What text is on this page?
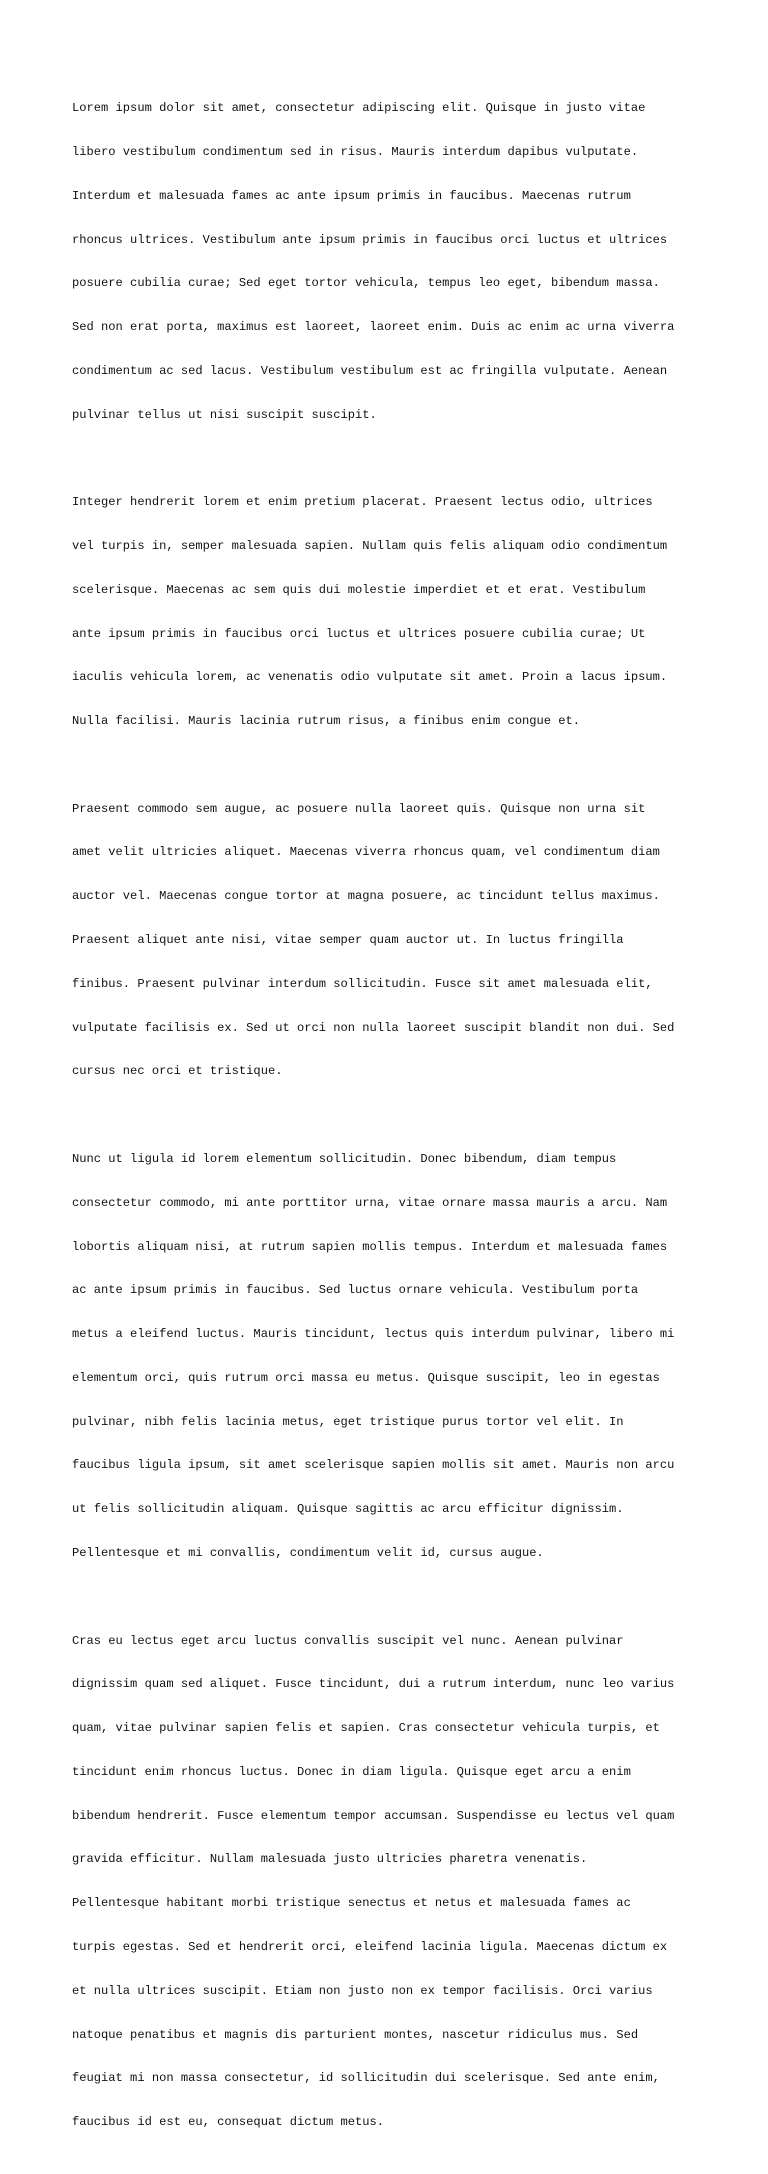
Lorem ipsum dolor sit amet, consectetur adipiscing elit. Quisque in justo vitae

libero vestibulum condimentum sed in risus. Mauris interdum dapibus vulputate.

Interdum et malesuada fames ac ante ipsum primis in faucibus. Maecenas rutrum

rhoncus ultrices. Vestibulum ante ipsum primis in faucibus orci luctus et ultrices

posuere cubilia curae; Sed eget tortor vehicula, tempus leo eget, bibendum massa.

Sed non erat porta, maximus est laoreet, laoreet enim. Duis ac enim ac urna viverra

condimentum ac sed lacus. Vestibulum vestibulum est ac fringilla vulputate. Aenean

pulvinar tellus ut nisi suscipit suscipit.

Integer hendrerit lorem et enim pretium placerat. Praesent lectus odio, ultrices

vel turpis in, semper malesuada sapien. Nullam quis felis aliquam odio condimentum

scelerisque. Maecenas ac sem quis dui molestie imperdiet et et erat. Vestibulum

ante ipsum primis in faucibus orci luctus et ultrices posuere cubilia curae; Ut

iaculis vehicula lorem, ac venenatis odio vulputate sit amet. Proin a lacus ipsum.

Nulla facilisi. Mauris lacinia rutrum risus, a finibus enim congue et.

Praesent commodo sem augue, ac posuere nulla laoreet quis. Quisque non urna sit

amet velit ultricies aliquet. Maecenas viverra rhoncus quam, vel condimentum diam

auctor vel. Maecenas congue tortor at magna posuere, ac tincidunt tellus maximus.

Praesent aliquet ante nisi, vitae semper quam auctor ut. In luctus fringilla

finibus. Praesent pulvinar interdum sollicitudin. Fusce sit amet malesuada elit,

vulputate facilisis ex. Sed ut orci non nulla laoreet suscipit blandit non dui. Sed

cursus nec orci et tristique.

Nunc ut ligula id lorem elementum sollicitudin. Donec bibendum, diam tempus

consectetur commodo, mi ante porttitor urna, vitae ornare massa mauris a arcu. Nam

lobortis aliquam nisi, at rutrum sapien mollis tempus. Interdum et malesuada fames

ac ante ipsum primis in faucibus. Sed luctus ornare vehicula. Vestibulum porta

metus a eleifend luctus. Mauris tincidunt, lectus quis interdum pulvinar, libero mi

elementum orci, quis rutrum orci massa eu metus. Quisque suscipit, leo in egestas

pulvinar, nibh felis lacinia metus, eget tristique purus tortor vel elit. In

faucibus ligula ipsum, sit amet scelerisque sapien mollis sit amet. Mauris non arcu

ut felis sollicitudin aliquam. Quisque sagittis ac arcu efficitur dignissim.

Pellentesque et mi convallis, condimentum velit id, cursus augue.

Cras eu lectus eget arcu luctus convallis suscipit vel nunc. Aenean pulvinar

dignissim quam sed aliquet. Fusce tincidunt, dui a rutrum interdum, nunc leo varius

quam, vitae pulvinar sapien felis et sapien. Cras consectetur vehicula turpis, et

tincidunt enim rhoncus luctus. Donec in diam ligula. Quisque eget arcu a enim

bibendum hendrerit. Fusce elementum tempor accumsan. Suspendisse eu lectus vel quam

gravida efficitur. Nullam malesuada justo ultricies pharetra venenatis.

Pellentesque habitant morbi tristique senectus et netus et malesuada fames ac

turpis egestas. Sed et hendrerit orci, eleifend lacinia ligula. Maecenas dictum ex

et nulla ultrices suscipit. Etiam non justo non ex tempor facilisis. Orci varius

natoque penatibus et magnis dis parturient montes, nascetur ridiculus mus. Sed

feugiat mi non massa consectetur, id sollicitudin dui scelerisque. Sed ante enim,

faucibus id est eu, consequat dictum metus.
